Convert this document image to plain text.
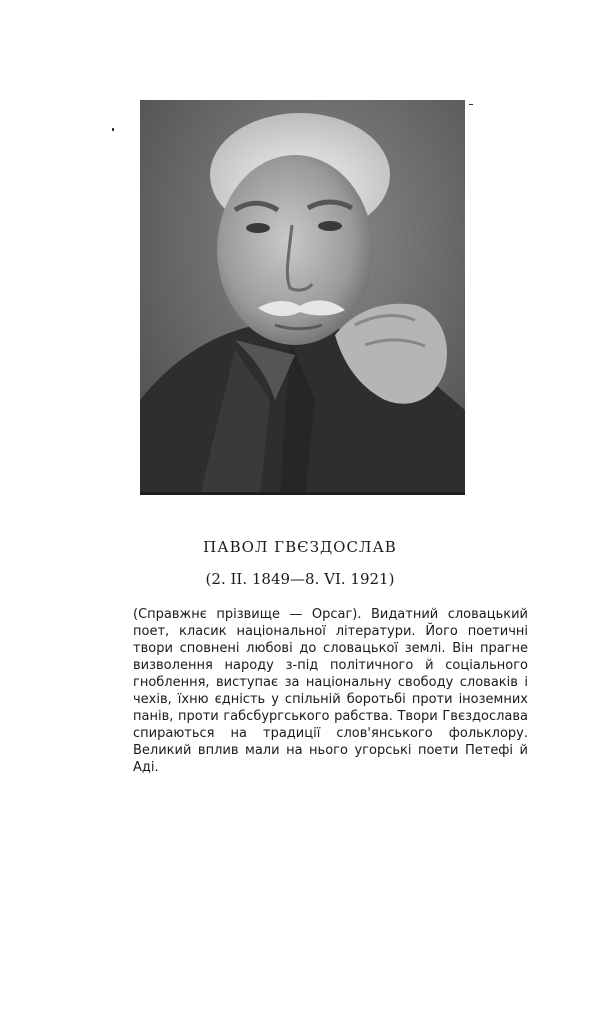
ПАВОЛ ГВЄЗДОСЛАВ

(2. II. 1849—8. VI. 1921)

(Справжнє прізвище — Орсаг). Видатний словацький поет, класик національної літератури. Його поетичні твори сповнені любові до словацької землі. Він прагне визволення народу з-під політичного й соціального гноблення, виступає за національну свободу словаків і чехів, їхню єдність у спільній боротьбі проти іноземних панів, проти габсбургського рабства. Твори Гвєздослава спираються на традиції слов'янського фольклору. Великий вплив мали на нього угорські поети Петефі й Аді.
